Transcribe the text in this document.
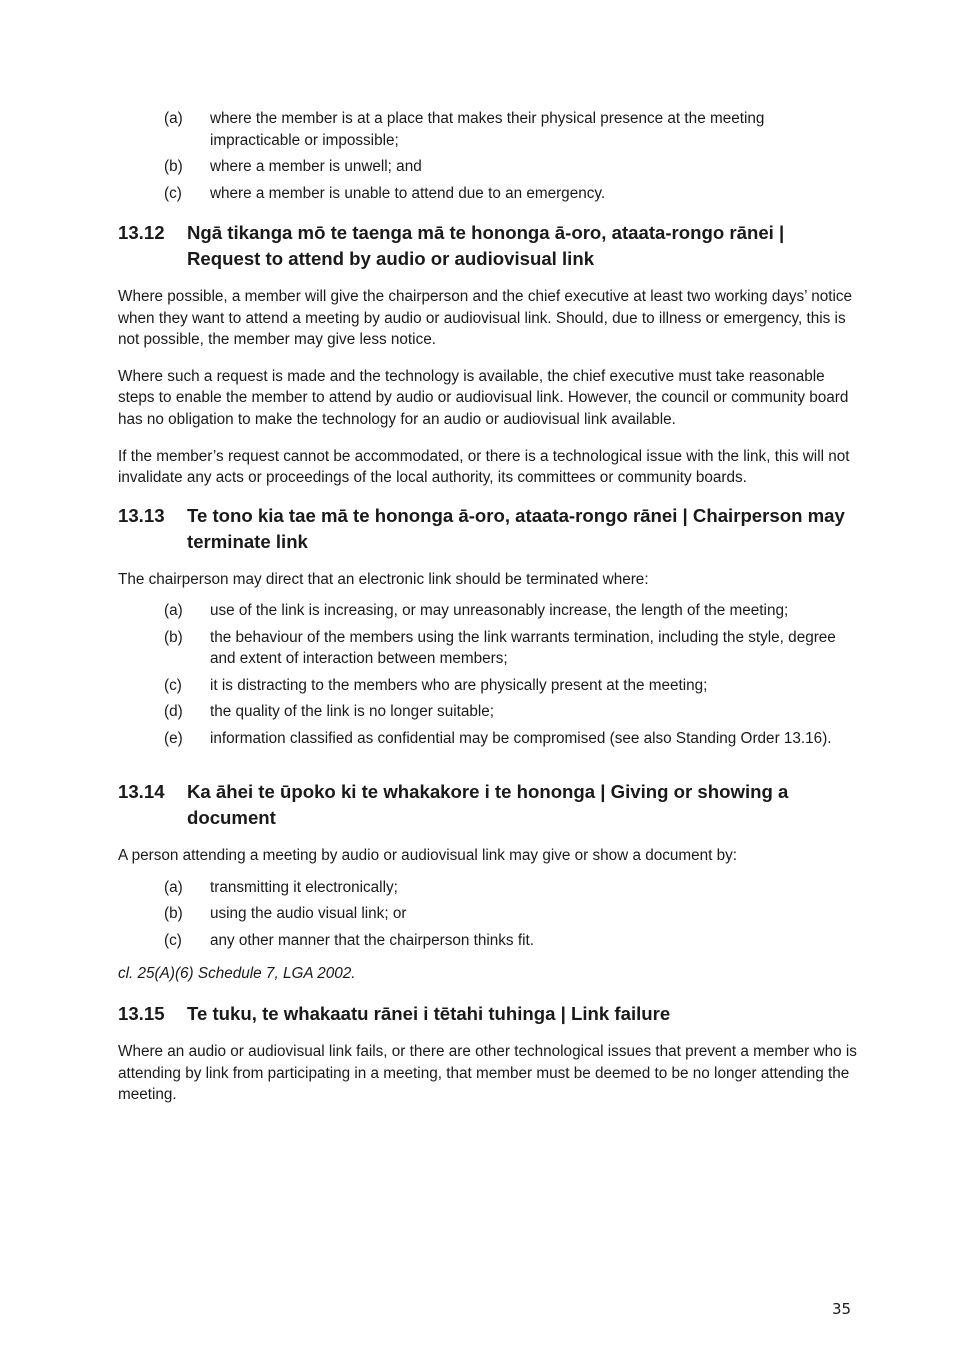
(a)	where the member is at a place that makes their physical presence at the meeting impracticable or impossible;
(b)	where a member is unwell; and
(c)	where a member is unable to attend due to an emergency.
13.12	Ngā tikanga mō te taenga mā te hononga ā-oro, ataata-rongo rānei | Request to attend by audio or audiovisual link

Where possible, a member will give the chairperson and the chief executive at least two working days’ notice when they want to attend a meeting by audio or audiovisual link. Should, due to illness or emergency, this is not possible, the member may give less notice.

Where such a request is made and the technology is available, the chief executive must take reasonable steps to enable the member to attend by audio or audiovisual link. However, the council or community board has no obligation to make the technology for an audio or audiovisual link available.

If the member’s request cannot be accommodated, or there is a technological issue with the link, this will not invalidate any acts or proceedings of the local authority, its committees or community boards.

13.13	Te tono kia tae mā te hononga ā-oro, ataata-rongo rānei | Chairperson may terminate link

The chairperson may direct that an electronic link should be terminated where:

(a)	use of the link is increasing, or may unreasonably increase, the length of the meeting;
(b)	the behaviour of the members using the link warrants termination, including the style, degree and extent of interaction between members;
(c)	it is distracting to the members who are physically present at the meeting;
(d)	the quality of the link is no longer suitable;
(e)	information classified as confidential may be compromised (see also Standing Order 13.16).
13.14	Ka āhei te ūpoko ki te whakakore i te hononga | Giving or showing a document

A person attending a meeting by audio or audiovisual link may give or show a document by:

(a)	transmitting it electronically;
(b)	using the audio visual link; or
(c)	any other manner that the chairperson thinks fit.

cl. 25(A)(6) Schedule 7, LGA 2002.

13.15	Te tuku, te whakaatu rānei i tētahi tuhinga | Link failure

Where an audio or audiovisual link fails, or there are other technological issues that prevent a member who is attending by link from participating in a meeting, that member must be deemed to be no longer attending the meeting.

35
